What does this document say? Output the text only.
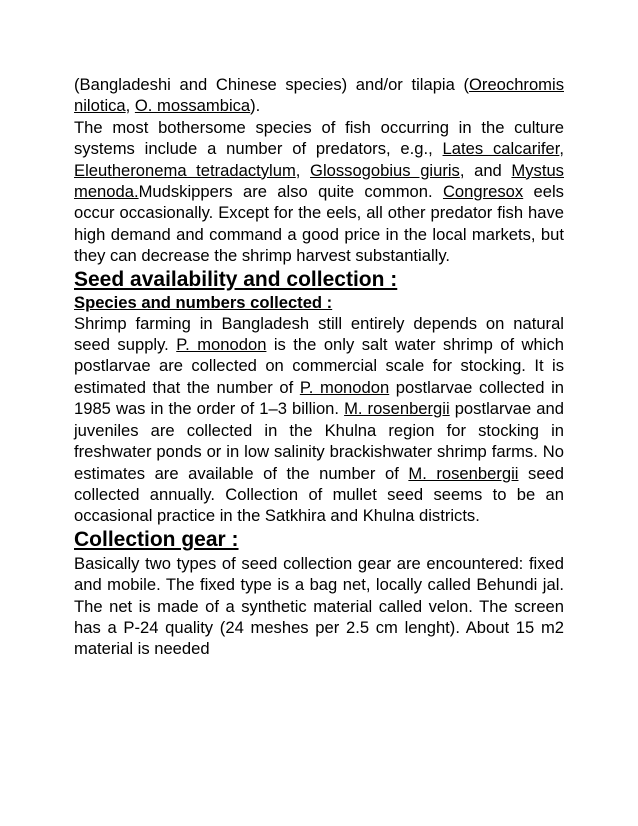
(Bangladeshi and Chinese species) and/or tilapia (Oreochromis nilotica, O. mossambica).

The most bothersome species of fish occurring in the culture systems include a number of predators, e.g., Lates calcarifer, Eleutheronema tetradactylum, Glossogobius giuris, and Mystus menoda.Mudskippers are also quite common. Congresox eels occur occasionally. Except for the eels, all other predator fish have high demand and command a good price in the local markets, but they can decrease the shrimp harvest substantially.

Seed availability and collection :
Species and numbers collected :

Shrimp farming in Bangladesh still entirely depends on natural seed supply. P. monodon is the only salt water shrimp of which postlarvae are collected on commercial scale for stocking. It is estimated that the number of P. monodon postlarvae collected in 1985 was in the order of 1–3 billion. M. rosenbergii postlarvae and juveniles are collected in the Khulna region for stocking in freshwater ponds or in low salinity brackishwater shrimp farms. No estimates are available of the number of M. rosenbergii seed collected annually. Collection of mullet seed seems to be an occasional practice in the Satkhira and Khulna districts.

Collection gear :

Basically two types of seed collection gear are encountered: fixed and mobile. The fixed type is a bag net, locally called Behundi jal. The net is made of a synthetic material called velon. The screen has a P-24 quality (24 meshes per 2.5 cm lenght). About 15 m2 material is needed
